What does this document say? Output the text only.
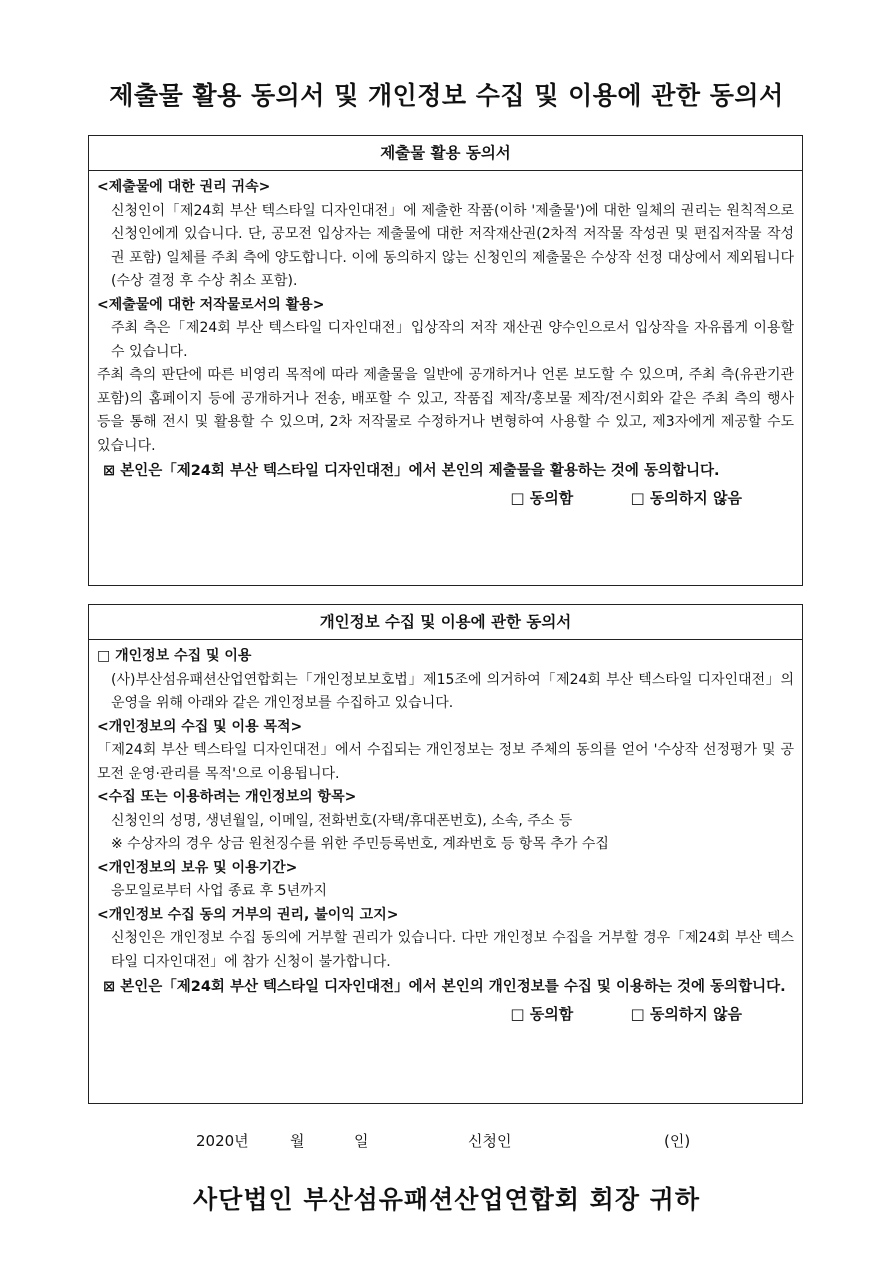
제출물 활용 동의서 및 개인정보 수집 및 이용에 관한 동의서
제출물 활용 동의서

<제출물에 대한 권리 귀속>

신청인이「제24회 부산 텍스타일 디자인대전」에 제출한 작품(이하 '제출물')에 대한 일체의 권리는 원칙적으로 신청인에게 있습니다. 단, 공모전 입상자는 제출물에 대한 저작재산권(2차적 저작물 작성권 및 편집저작물 작성권 포함) 일체를 주최 측에 양도합니다. 이에 동의하지 않는 신청인의 제출물은 수상작 선정 대상에서 제외됩니다(수상 결정 후 수상 취소 포함).

<제출물에 대한 저작물로서의 활용>

주최 측은「제24회 부산 텍스타일 디자인대전」입상작의 저작 재산권 양수인으로서 입상작을 자유롭게 이용할 수 있습니다.

주최 측의 판단에 따른 비영리 목적에 따라 제출물을 일반에 공개하거나 언론 보도할 수 있으며, 주최 측(유관기관 포함)의 홈페이지 등에 공개하거나 전송, 배포할 수 있고, 작품집 제작/홍보물 제작/전시회와 같은 주최 측의 행사 등을 통해 전시 및 활용할 수 있으며, 2차 저작물로 수정하거나 변형하여 사용할 수 있고, 제3자에게 제공할 수도 있습니다.

⊠ 본인은「제24회 부산 텍스타일 디자인대전」에서 본인의 제출물을 활용하는 것에 동의합니다.

□ 동의함	□ 동의하지 않음
개인정보 수집 및 이용에 관한 동의서

□ 개인정보 수집 및 이용

(사)부산섬유패션산업연합회는「개인정보보호법」제15조에 의거하여「제24회 부산 텍스타일 디자인대전」의 운영을 위해 아래와 같은 개인정보를 수집하고 있습니다.

<개인정보의 수집 및 이용 목적>

「제24회 부산 텍스타일 디자인대전」에서 수집되는 개인정보는 정보 주체의 동의를 얻어 '수상작 선정평가 및 공모전 운영·관리를 목적'으로 이용됩니다.

<수집 또는 이용하려는 개인정보의 항목>

신청인의 성명, 생년월일, 이메일, 전화번호(자택/휴대폰번호), 소속, 주소 등

※ 수상자의 경우 상금 원천징수를 위한 주민등록번호, 계좌번호 등 항목 추가 수집

<개인정보의 보유 및 이용기간>

응모일로부터 사업 종료 후 5년까지

<개인정보 수집 동의 거부의 권리, 불이익 고지>

신청인은 개인정보 수집 동의에 거부할 권리가 있습니다. 다만 개인정보 수집을 거부할 경우「제24회 부산 텍스타일 디자인대전」에 참가 신청이 불가합니다.

⊠ 본인은「제24회 부산 텍스타일 디자인대전」에서 본인의 개인정보를 수집 및 이용하는 것에 동의합니다.

□ 동의함	□ 동의하지 않음
2020년	월	일	신청인	(인)
사단법인 부산섬유패션산업연합회 회장 귀하
